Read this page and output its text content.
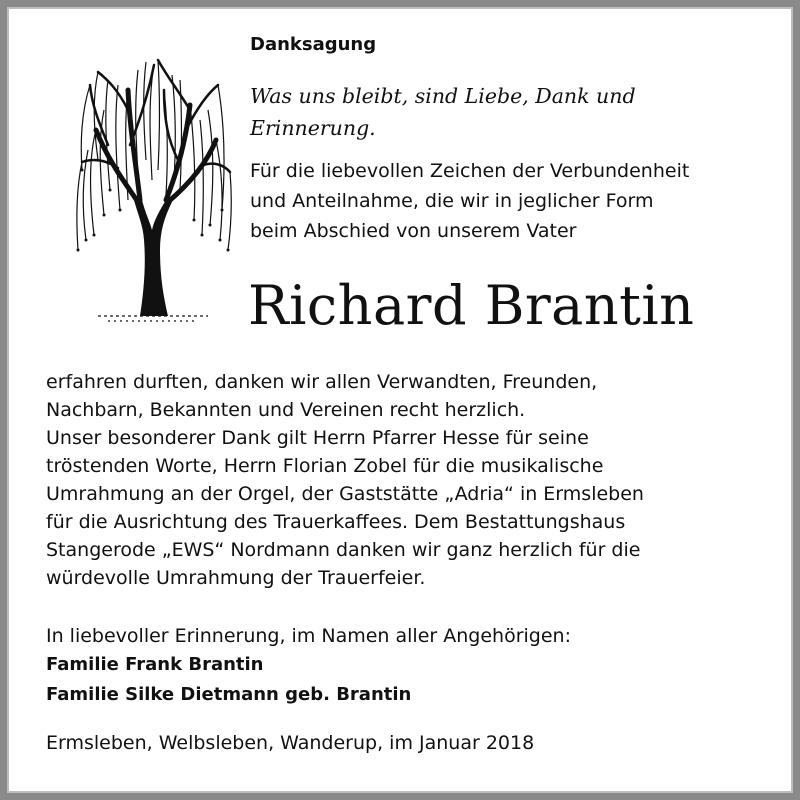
Danksagung
Was uns bleibt, sind Liebe, Dank und
Erinnerung.
Für die liebevollen Zeichen der Verbundenheit
und Anteilnahme, die wir in jeglicher Form
beim Abschied von unserem Vater
Richard Brantin
erfahren durften, danken wir allen Verwandten, Freunden,
Nachbarn, Bekannten und Vereinen recht herzlich.
Unser besonderer Dank gilt Herrn Pfarrer Hesse für seine
tröstenden Worte, Herrn Florian Zobel für die musikalische
Umrahmung an der Orgel, der Gaststätte „Adria“ in Ermsleben
für die Ausrichtung des Trauerkaffees. Dem Bestattungshaus
Stangerode „EWS“ Nordmann danken wir ganz herzlich für die
würdevolle Umrahmung der Trauerfeier.
In liebevoller Erinnerung, im Namen aller Angehörigen:
Familie Frank Brantin
Familie Silke Dietmann geb. Brantin
Ermsleben, Welbsleben, Wanderup, im Januar 2018
